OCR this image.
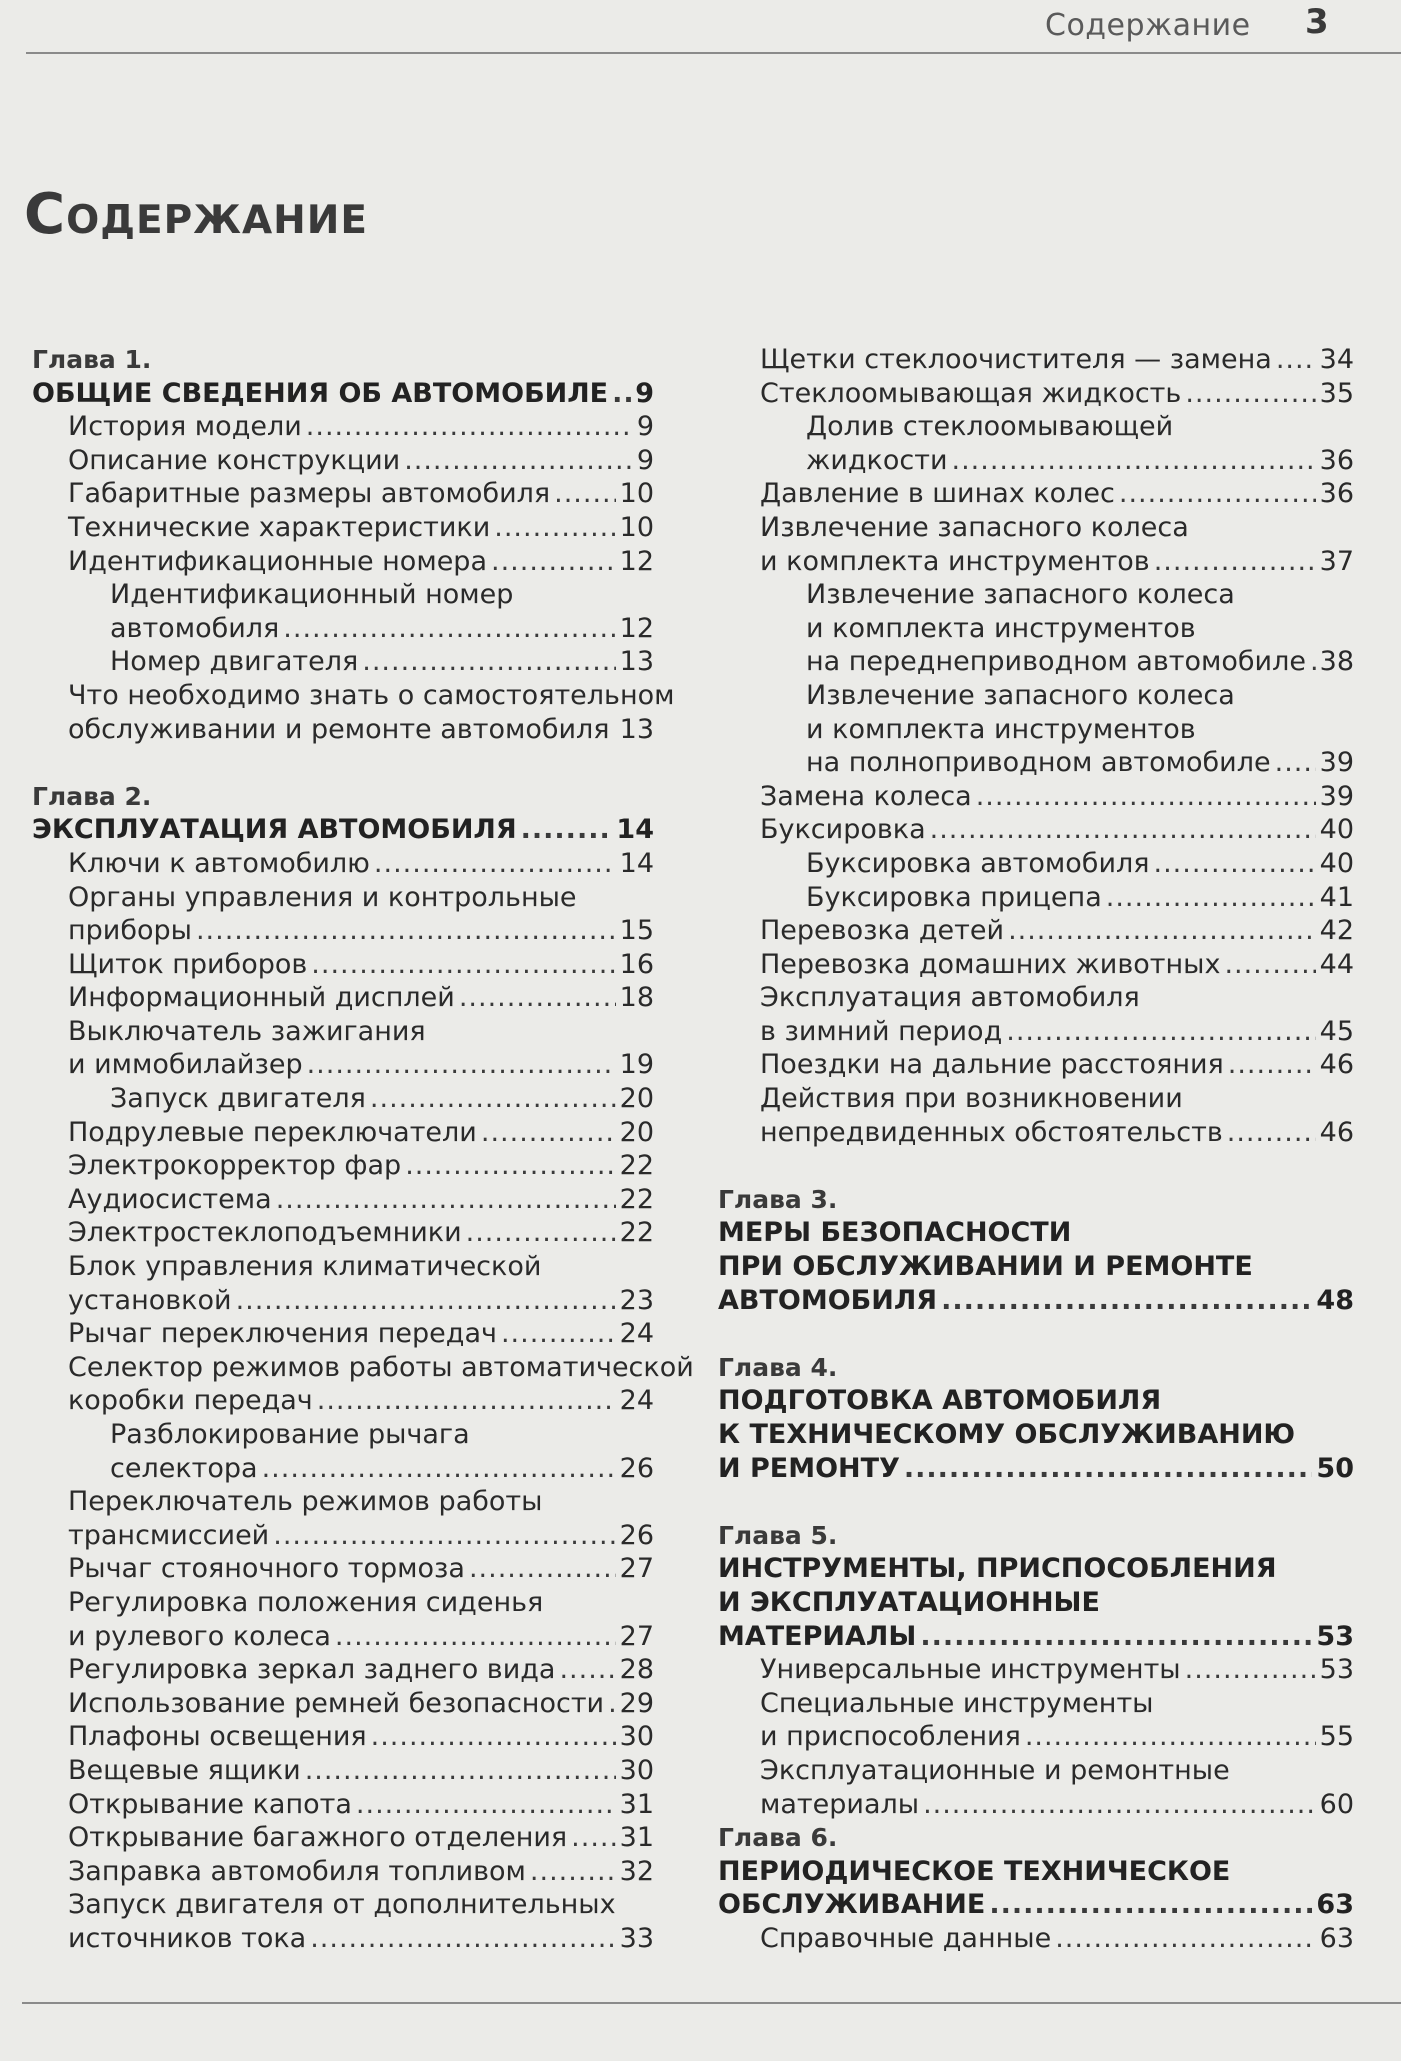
Содержание 3
Содержание
Глава 1.
ОБЩИЕ СВЕДЕНИЯ ОБ АВТОМОБИЛЕ ..... 9
История модели .....	9
Описание конструкции .....	9
Габаритные размеры автомобиля .....	10
Технические характеристики .....	10
Идентификационные номера .....	12
Идентификационный номер
автомобиля .....	12
Номер двигателя .....	13
Что необходимо знать о самостоятельном
обслуживании и ремонте автомобиля ..... 13
Глава 2.
ЭКСПЛУАТАЦИЯ АВТОМОБИЛЯ .....	14
Ключи к автомобилю .....	14
Органы управления и контрольные
приборы .....	15
Щиток приборов .....	16
Информационный дисплей .....	18
Выключатель зажигания
и иммобилайзер .....	19
Запуск двигателя .....	20
Подрулевые переключатели .....	20
Электрокорректор фар .....	22
Аудиосистема .....	22
Электростеклоподъемники .....	22
Блок управления климатической
установкой .....	23
Рычаг переключения передач .....	24
Селектор режимов работы автоматической
коробки передач .....	24
Разблокирование рычага
селектора .....	26
Переключатель режимов работы
трансмиссией .....	26
Рычаг стояночного тормоза .....	27
Регулировка положения сиденья
и рулевого колеса .....	27
Регулировка зеркал заднего вида ..... 28
Использование ремней безопасности ..... 29
Плафоны освещения .....	30
Вещевые ящики .....	30
Открывание капота .....	31
Открывание багажного отделения ..... 31
Заправка автомобиля топливом .....	32
Запуск двигателя от дополнительных
источников тока .....	33
Щетки стеклоочистителя — замена ..... 34
Стеклоомывающая жидкость .....	35
Долив стеклоомывающей
жидкости .....	36
Давление в шинах колес .....	36
Извлечение запасного колеса
и комплекта инструментов .....	37
Извлечение запасного колеса
и комплекта инструментов
на переднеприводном автомобиле ..... 38
Извлечение запасного колеса
и комплекта инструментов
на полноприводном автомобиле ..... 39
Замена колеса .....	39
Буксировка .....	40
Буксировка автомобиля .....	40
Буксировка прицепа .....	41
Перевозка детей .....	42
Перевозка домашних животных .....	44
Эксплуатация автомобиля
в зимний период .....	45
Поездки на дальние расстояния .....	46
Действия при возникновении
непредвиденных обстоятельств .....	46
Глава 3.
МЕРЫ БЕЗОПАСНОСТИ
ПРИ ОБСЛУЖИВАНИИ И РЕМОНТЕ
АВТОМОБИЛЯ .....	48
Глава 4.
ПОДГОТОВКА АВТОМОБИЛЯ
К ТЕХНИЧЕСКОМУ ОБСЛУЖИВАНИЮ
И РЕМОНТУ .....	50
Глава 5.
ИНСТРУМЕНТЫ, ПРИСПОСОБЛЕНИЯ
И ЭКСПЛУАТАЦИОННЫЕ
МАТЕРИАЛЫ .....	53
Универсальные инструменты .....	53
Специальные инструменты
и приспособления .....	55
Эксплуатационные и ремонтные
материалы .....	60
Глава 6.
ПЕРИОДИЧЕСКОЕ ТЕХНИЧЕСКОЕ
ОБСЛУЖИВАНИЕ .....	63
Справочные данные .....	63
